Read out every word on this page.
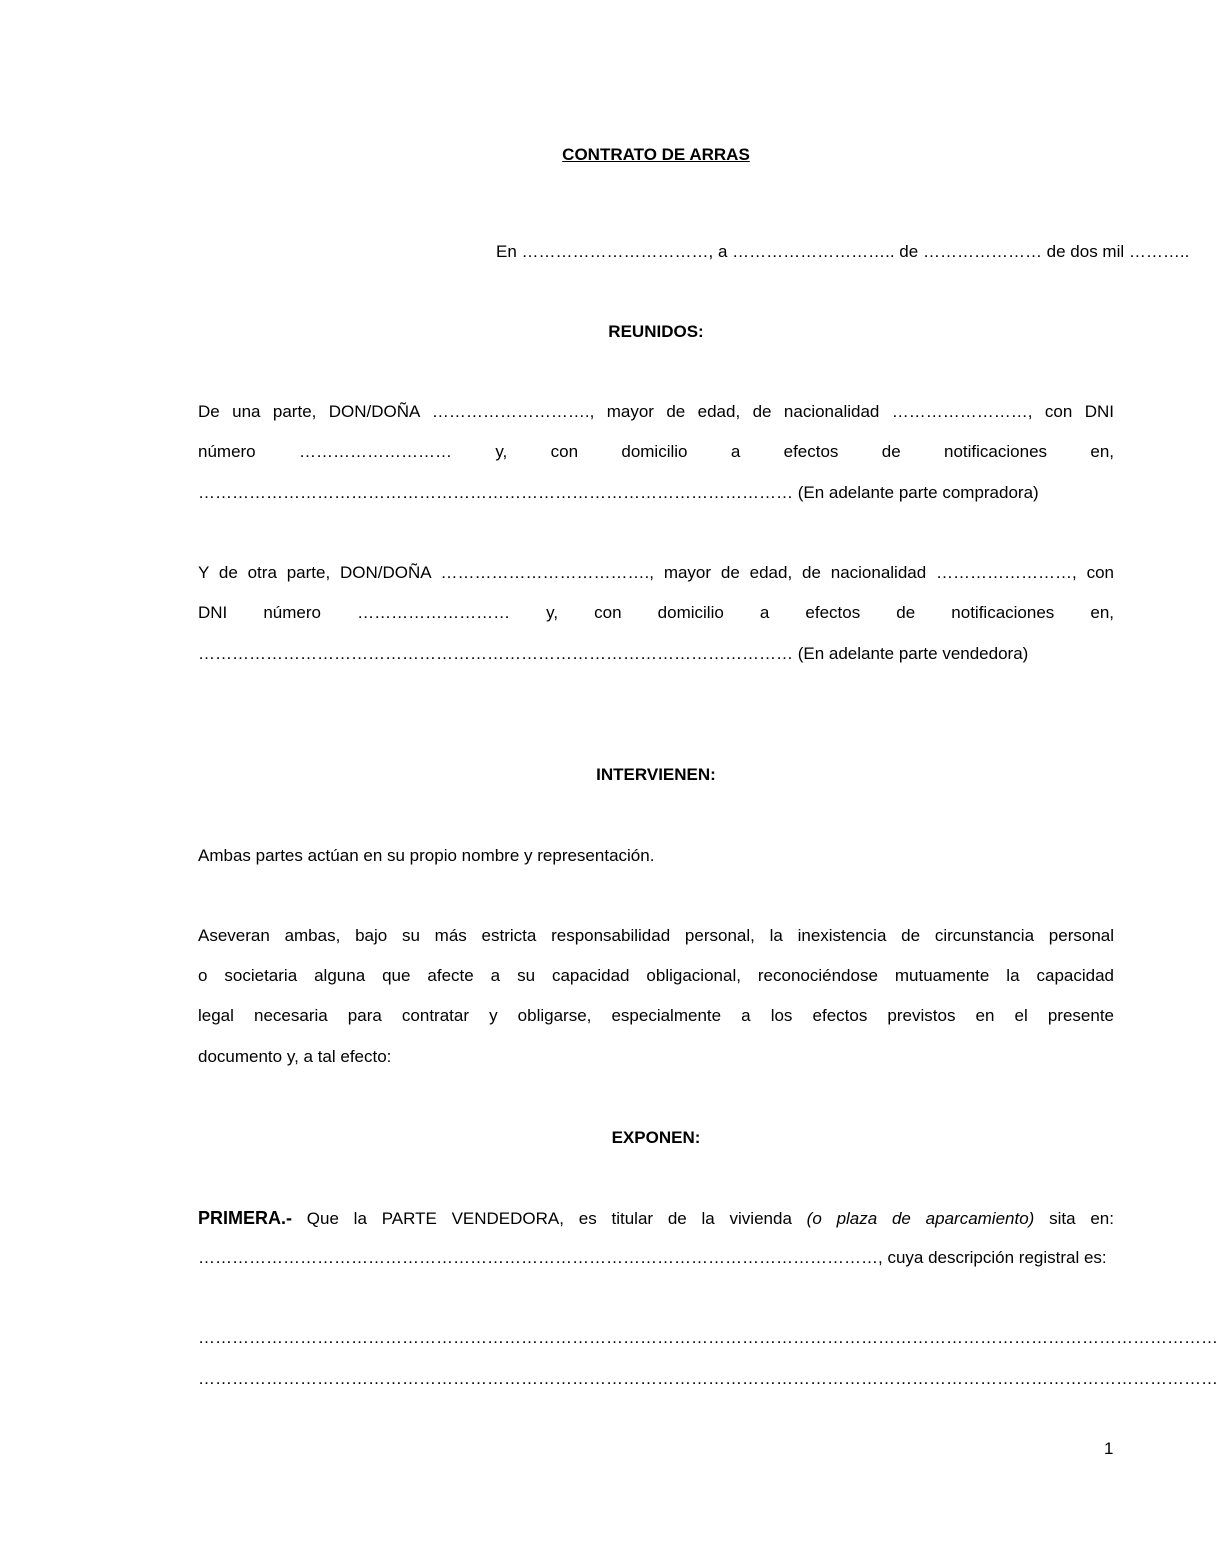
CONTRATO DE ARRAS
En ……………………………, a ……………………….. de ………………… de dos mil ………..
REUNIDOS:
De una parte, DON/DOÑA ………………………., mayor de edad, de nacionalidad ……………………, con DNI
número ……………………… y, con domicilio a efectos de notificaciones en,
…………………………………………………………………………………………… (En adelante parte compradora)
Y de otra parte, DON/DOÑA ………………………………., mayor de edad, de nacionalidad ……………………, con
DNI número ……………………… y, con domicilio a efectos de notificaciones en,
…………………………………………………………………………………………… (En adelante parte vendedora)
INTERVIENEN:
Ambas partes actúan en su propio nombre y representación.
Aseveran ambas, bajo su más estricta responsabilidad personal, la inexistencia de circunstancia personal
o societaria alguna que afecte a su capacidad obligacional, reconociéndose mutuamente la capacidad
legal necesaria para contratar y obligarse, especialmente a los efectos previstos en el presente
documento y, a tal efecto:
EXPONEN:
PRIMERA.- Que la PARTE VENDEDORA, es titular de la vivienda (o plaza de aparcamiento) sita en:
…………………………………………………………………………………………………………, cuya descripción registral es:
………………………………………………………………………………………………………………………………………………………………
………………………………………………………………………………………………………………………………………………………………
1
